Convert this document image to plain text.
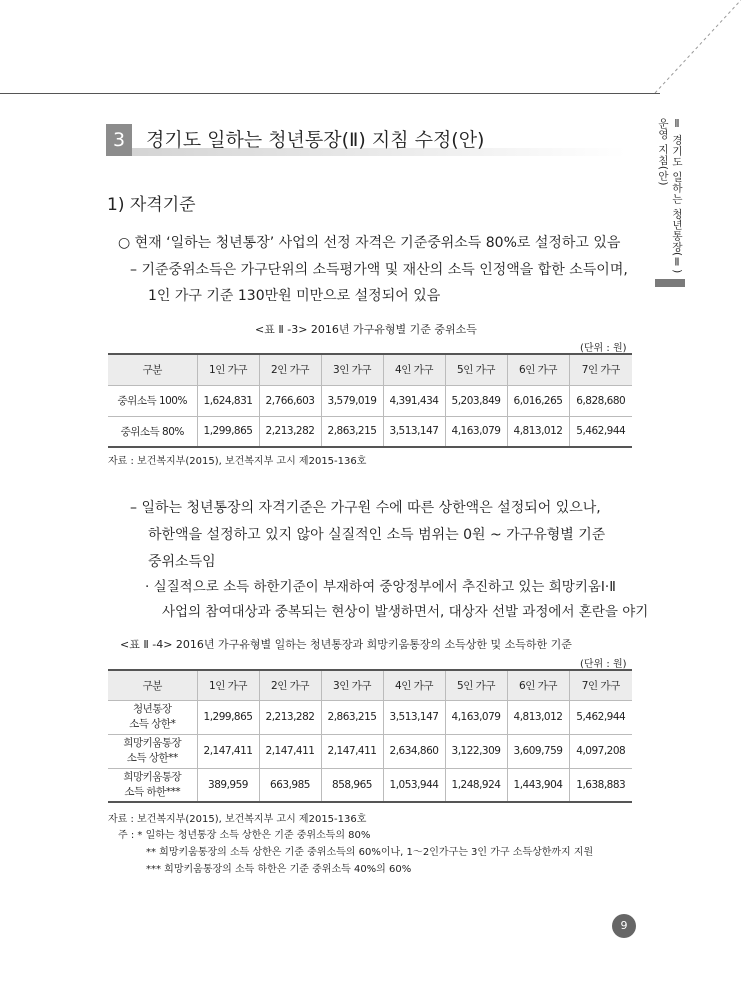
3	경기도 일하는 청년통장(Ⅱ) 지침 수정(안)	Ⅱ 경기도 일하는 청년통장(Ⅱ) 운영 지침(안)
1) 자격기준
○ 현재 ‘일하는 청년통장’ 사업의 선정 자격은 기준중위소득 80%로 설정하고 있음
– 기준중위소득은 가구단위의 소득평가액 및 재산의 소득 인정액을 합한 소득이며,
1인 가구 기준 130만원 미만으로 설정되어 있음
<표 Ⅱ -3> 2016년 가구유형별 기준 중위소득
(단위 : 원)
구분	1인 가구	2인 가구	3인 가구	4인 가구	5인 가구	6인 가구	7인 가구
중위소득 100%	1,624,831	2,766,603	3,579,019	4,391,434	5,203,849	6,016,265	6,828,680
중위소득 80%	1,299,865	2,213,282	2,863,215	3,513,147	4,163,079	4,813,012	5,462,944
자료 : 보건복지부(2015), 보건복지부 고시 제2015-136호
– 일하는 청년통장의 자격기준은 가구원 수에 따른 상한액은 설정되어 있으나,
하한액을 설정하고 있지 않아 실질적인 소득 범위는 0원 ~ 가구유형별 기준
중위소득임
· 실질적으로 소득 하한기준이 부재하여 중앙정부에서 추진하고 있는 희망키움Ⅰ·Ⅱ
사업의 참여대상과 중복되는 현상이 발생하면서, 대상자 선발 과정에서 혼란을 야기
<표 Ⅱ -4> 2016년 가구유형별 일하는 청년통장과 희망키움통장의 소득상한 및 소득하한 기준
(단위 : 원)
구분	1인 가구	2인 가구	3인 가구	4인 가구	5인 가구	6인 가구	7인 가구

청년통장
소득 상한*	1,299,865	2,213,282	2,863,215	3,513,147	4,163,079	4,813,012	5,462,944

희망키움통장
소득 상한**	2,147,411	2,147,411	2,147,411	2,634,860	3,122,309	3,609,759	4,097,208

희망키움통장
소득 하한***	389,959	663,985	858,965	1,053,944	1,248,924	1,443,904	1,638,883
자료 : 보건복지부(2015), 보건복지부 고시 제2015-136호
주 : * 일하는 청년통장 소득 상한은 기준 중위소득의 80%
** 희망키움통장의 소득 상한은 기준 중위소득의 60%이나, 1～2인가구는 3인 가구 소득상한까지 지원
*** 희망키움통장의 소득 하한은 기준 중위소득 40%의 60%
9
